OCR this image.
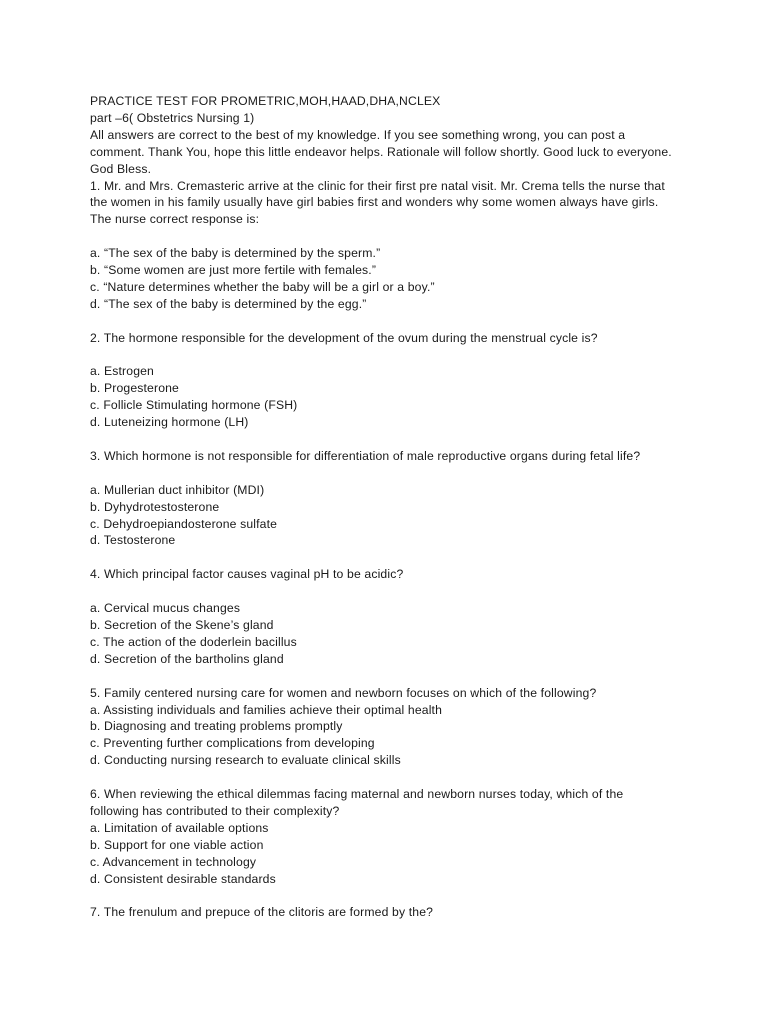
PRACTICE TEST FOR PROMETRIC,MOH,HAAD,DHA,NCLEX
part –6( Obstetrics Nursing 1)
All answers are correct to the best of my knowledge. If you see something wrong, you can post a
comment. Thank You, hope this little endeavor helps. Rationale will follow shortly. Good luck to everyone.
God Bless.
1. Mr. and Mrs. Cremasteric arrive at the clinic for their first pre natal visit. Mr. Crema tells the nurse that
the women in his family usually have girl babies first and wonders why some women always have girls.
The nurse correct response is:
a. “The sex of the baby is determined by the sperm.”
b. “Some women are just more fertile with females.”
c. “Nature determines whether the baby will be a girl or a boy.”
d. “The sex of the baby is determined by the egg.”
2. The hormone responsible for the development of the ovum during the menstrual cycle is?
a. Estrogen
b. Progesterone
c. Follicle Stimulating hormone (FSH)
d. Luteneizing hormone (LH)
3. Which hormone is not responsible for differentiation of male reproductive organs during fetal life?
a. Mullerian duct inhibitor (MDI)
b. Dyhydrotestosterone
c. Dehydroepiandosterone sulfate
d. Testosterone
4. Which principal factor causes vaginal pH to be acidic?
a. Cervical mucus changes
b. Secretion of the Skene’s gland
c. The action of the doderlein bacillus
d. Secretion of the bartholins gland
5. Family centered nursing care for women and newborn focuses on which of the following?
a. Assisting individuals and families achieve their optimal health
b. Diagnosing and treating problems promptly
c. Preventing further complications from developing
d. Conducting nursing research to evaluate clinical skills
6. When reviewing the ethical dilemmas facing maternal and newborn nurses today, which of the
following has contributed to their complexity?
a. Limitation of available options
b. Support for one viable action
c. Advancement in technology
d. Consistent desirable standards
7. The frenulum and prepuce of the clitoris are formed by the?
